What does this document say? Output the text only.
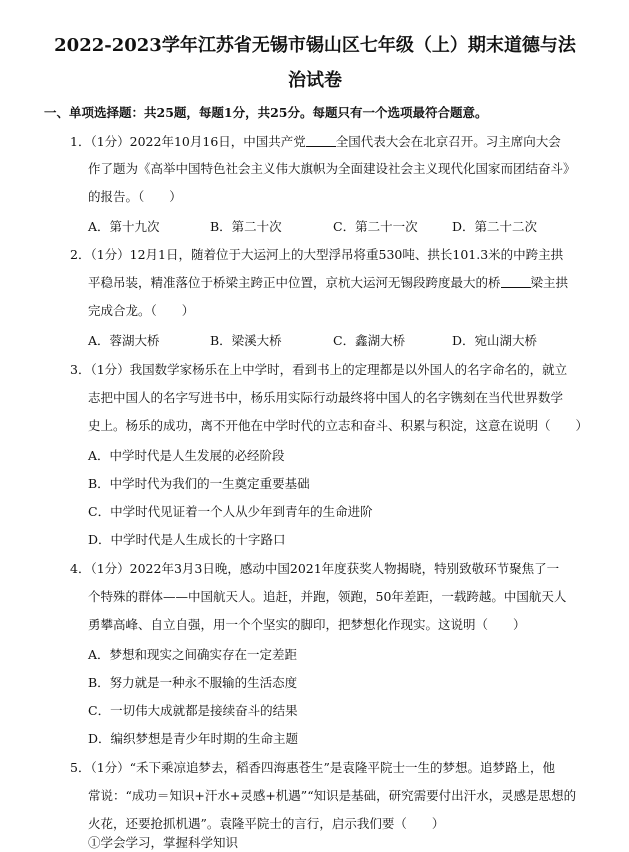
2022-2023学年江苏省无锡市锡山区七年级（上）期末道德与法
治试卷
一、单项选择题：共25题，每题1分，共25分。每题只有一个选项最符合题意。
1．（1分）2022年10月16日，中国共产党 全国代表大会在北京召开。习主席向大会
作了题为《高举中国特色社会主义伟大旗帜为全面建设社会主义现代化国家而团结奋斗》
的报告。（　　）
A．第十九次	B．第二十次	C．第二十一次	D．第二十二次
2．（1分）12月1日，随着位于大运河上的大型浮吊将重530吨、拱长101.3米的中跨主拱
平稳吊装，精准落位于桥梁主跨正中位置，京杭大运河无锡段跨度最大的桥 梁主拱
完成合龙。（　　）
A．蓉湖大桥	B．梁溪大桥	C．鑫湖大桥	D．宛山湖大桥
3．（1分）我国数学家杨乐在上中学时，看到书上的定理都是以外国人的名字命名的，就立
志把中国人的名字写进书中，杨乐用实际行动最终将中国人的名字镌刻在当代世界数学
史上。杨乐的成功，离不开他在中学时代的立志和奋斗、积累与积淀，这意在说明（　　）
A．中学时代是人生发展的必经阶段
B．中学时代为我们的一生奠定重要基础
C．中学时代见证着一个人从少年到青年的生命进阶
D．中学时代是人生成长的十字路口
4．（1分）2022年3月3日晚，感动中国2021年度获奖人物揭晓，特别致敬环节聚焦了一
个特殊的群体——中国航天人。追赶，并跑，领跑，50年差距，一载跨越。中国航天人
勇攀高峰、自立自强，用一个个坚实的脚印，把梦想化作现实。这说明（　　）
A．梦想和现实之间确实存在一定差距
B．努力就是一种永不服输的生活态度
C．一切伟大成就都是接续奋斗的结果
D．编织梦想是青少年时期的生命主题
5．（1分）“禾下乘凉追梦去，稻香四海惠苍生”是袁隆平院士一生的梦想。追梦路上，他
常说：“成功＝知识+汗水+灵感+机遇”“知识是基础，研究需要付出汗水，灵感是思想的
火花，还要抢抓机遇”。袁隆平院士的言行，启示我们要（　　）
①学会学习，掌握科学知识
